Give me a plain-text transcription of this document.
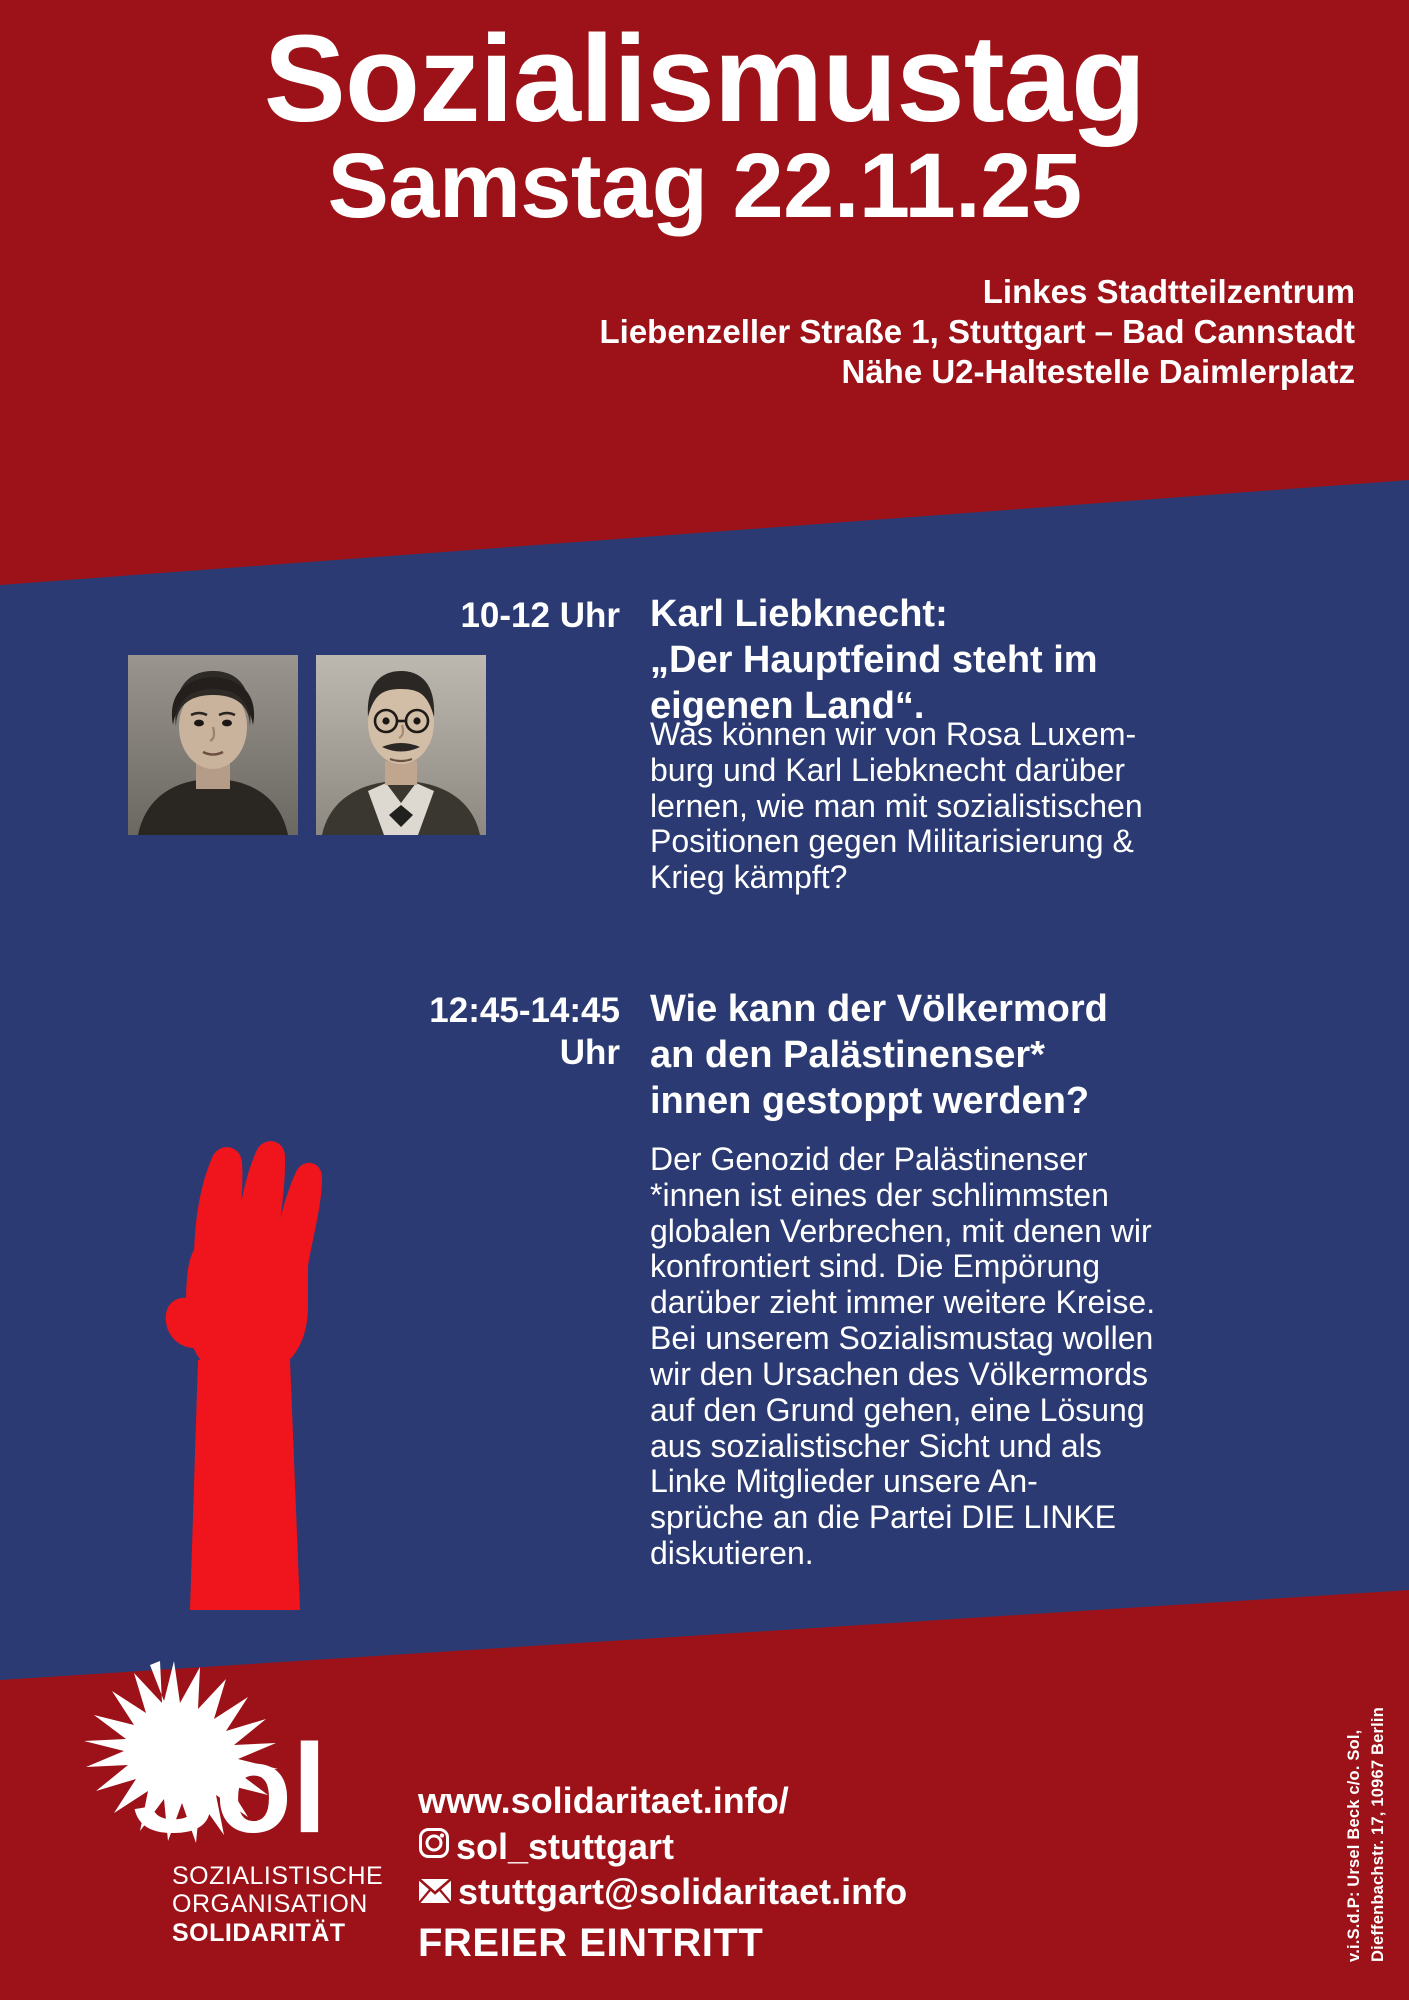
Sozialismustag
Samstag 22.11.25
Linkes Stadtteilzentrum
Liebenzeller Straße 1, Stuttgart – Bad Cannstadt
Nähe U2-Haltestelle Daimlerplatz
10-12 Uhr Karl Liebknecht:
„Der Hauptfeind steht im
eigenen Land“.
Was können wir von Rosa Luxem-
burg und Karl Liebknecht darüber
lernen, wie man mit sozialistischen
Positionen gegen Militarisierung &
Krieg kämpft?
12:45-14:45
Uhr
Wie kann der Völkermord
an den Palästinenser*
innen gestoppt werden?
Der Genozid der Palästinenser
*innen ist eines der schlimmsten
globalen Verbrechen, mit denen wir
konfrontiert sind. Die Empörung
darüber zieht immer weitere Kreise.
Bei unserem Sozialismustag wollen
wir den Ursachen des Völkermords
auf den Grund gehen, eine Lösung
aus sozialistischer Sicht und als
Linke Mitglieder unsere An-
sprüche an die Partei DIE LINKE
diskutieren.
Sol
SOZIALISTISCHE
ORGANISATION
SOLIDARITÄT
www.solidaritaet.info/
sol_stuttgart
stuttgart@solidaritaet.info
FREIER EINTRITT	v.i.S.d.P: Ursel Beck c/o. Sol, Dieffenbachstr. 17, 10967 Berlin
